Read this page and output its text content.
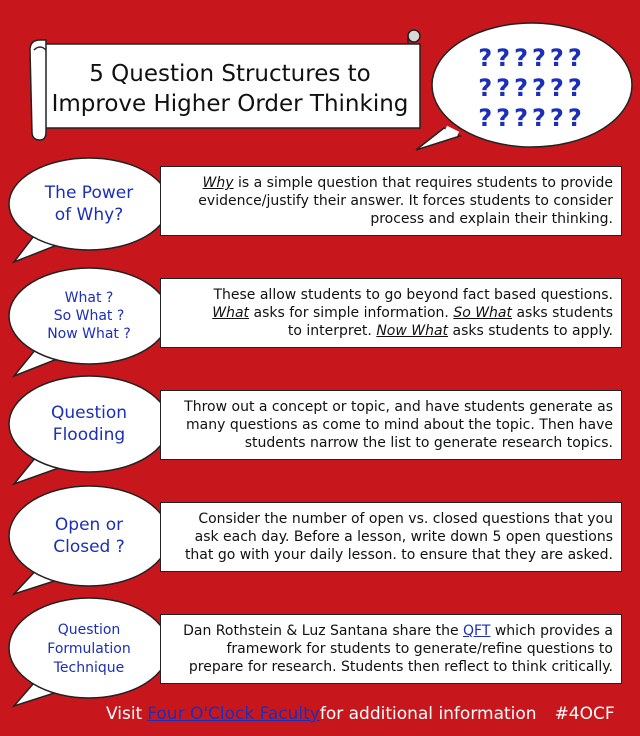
5 Question Structures to
Improve Higher Order Thinking
??????
??????
??????
The Power
of Why?
Why is a simple question that requires students to provide
evidence/justify their answer. It forces students to consider
process and explain their thinking.
What ?
So What ?
Now What ?
These allow students to go beyond fact based questions.
What asks for simple information. So What asks students
to interpret. Now What asks students to apply.
Question
Flooding
Throw out a concept or topic, and have students generate as
many questions as come to mind about the topic. Then have
students narrow the list to generate research topics.
Open or
Closed ?
Consider the number of open vs. closed questions that you
ask each day. Before a lesson, write down 5 open questions
that go with your daily lesson. to ensure that they are asked.
Question
Formulation
Technique
Dan Rothstein & Luz Santana share the QFT which provides a
framework for students to generate/refine questions to
prepare for research. Students then reflect to think critically.
Visit Four O'Clock Faculty for additional information #4OCF
